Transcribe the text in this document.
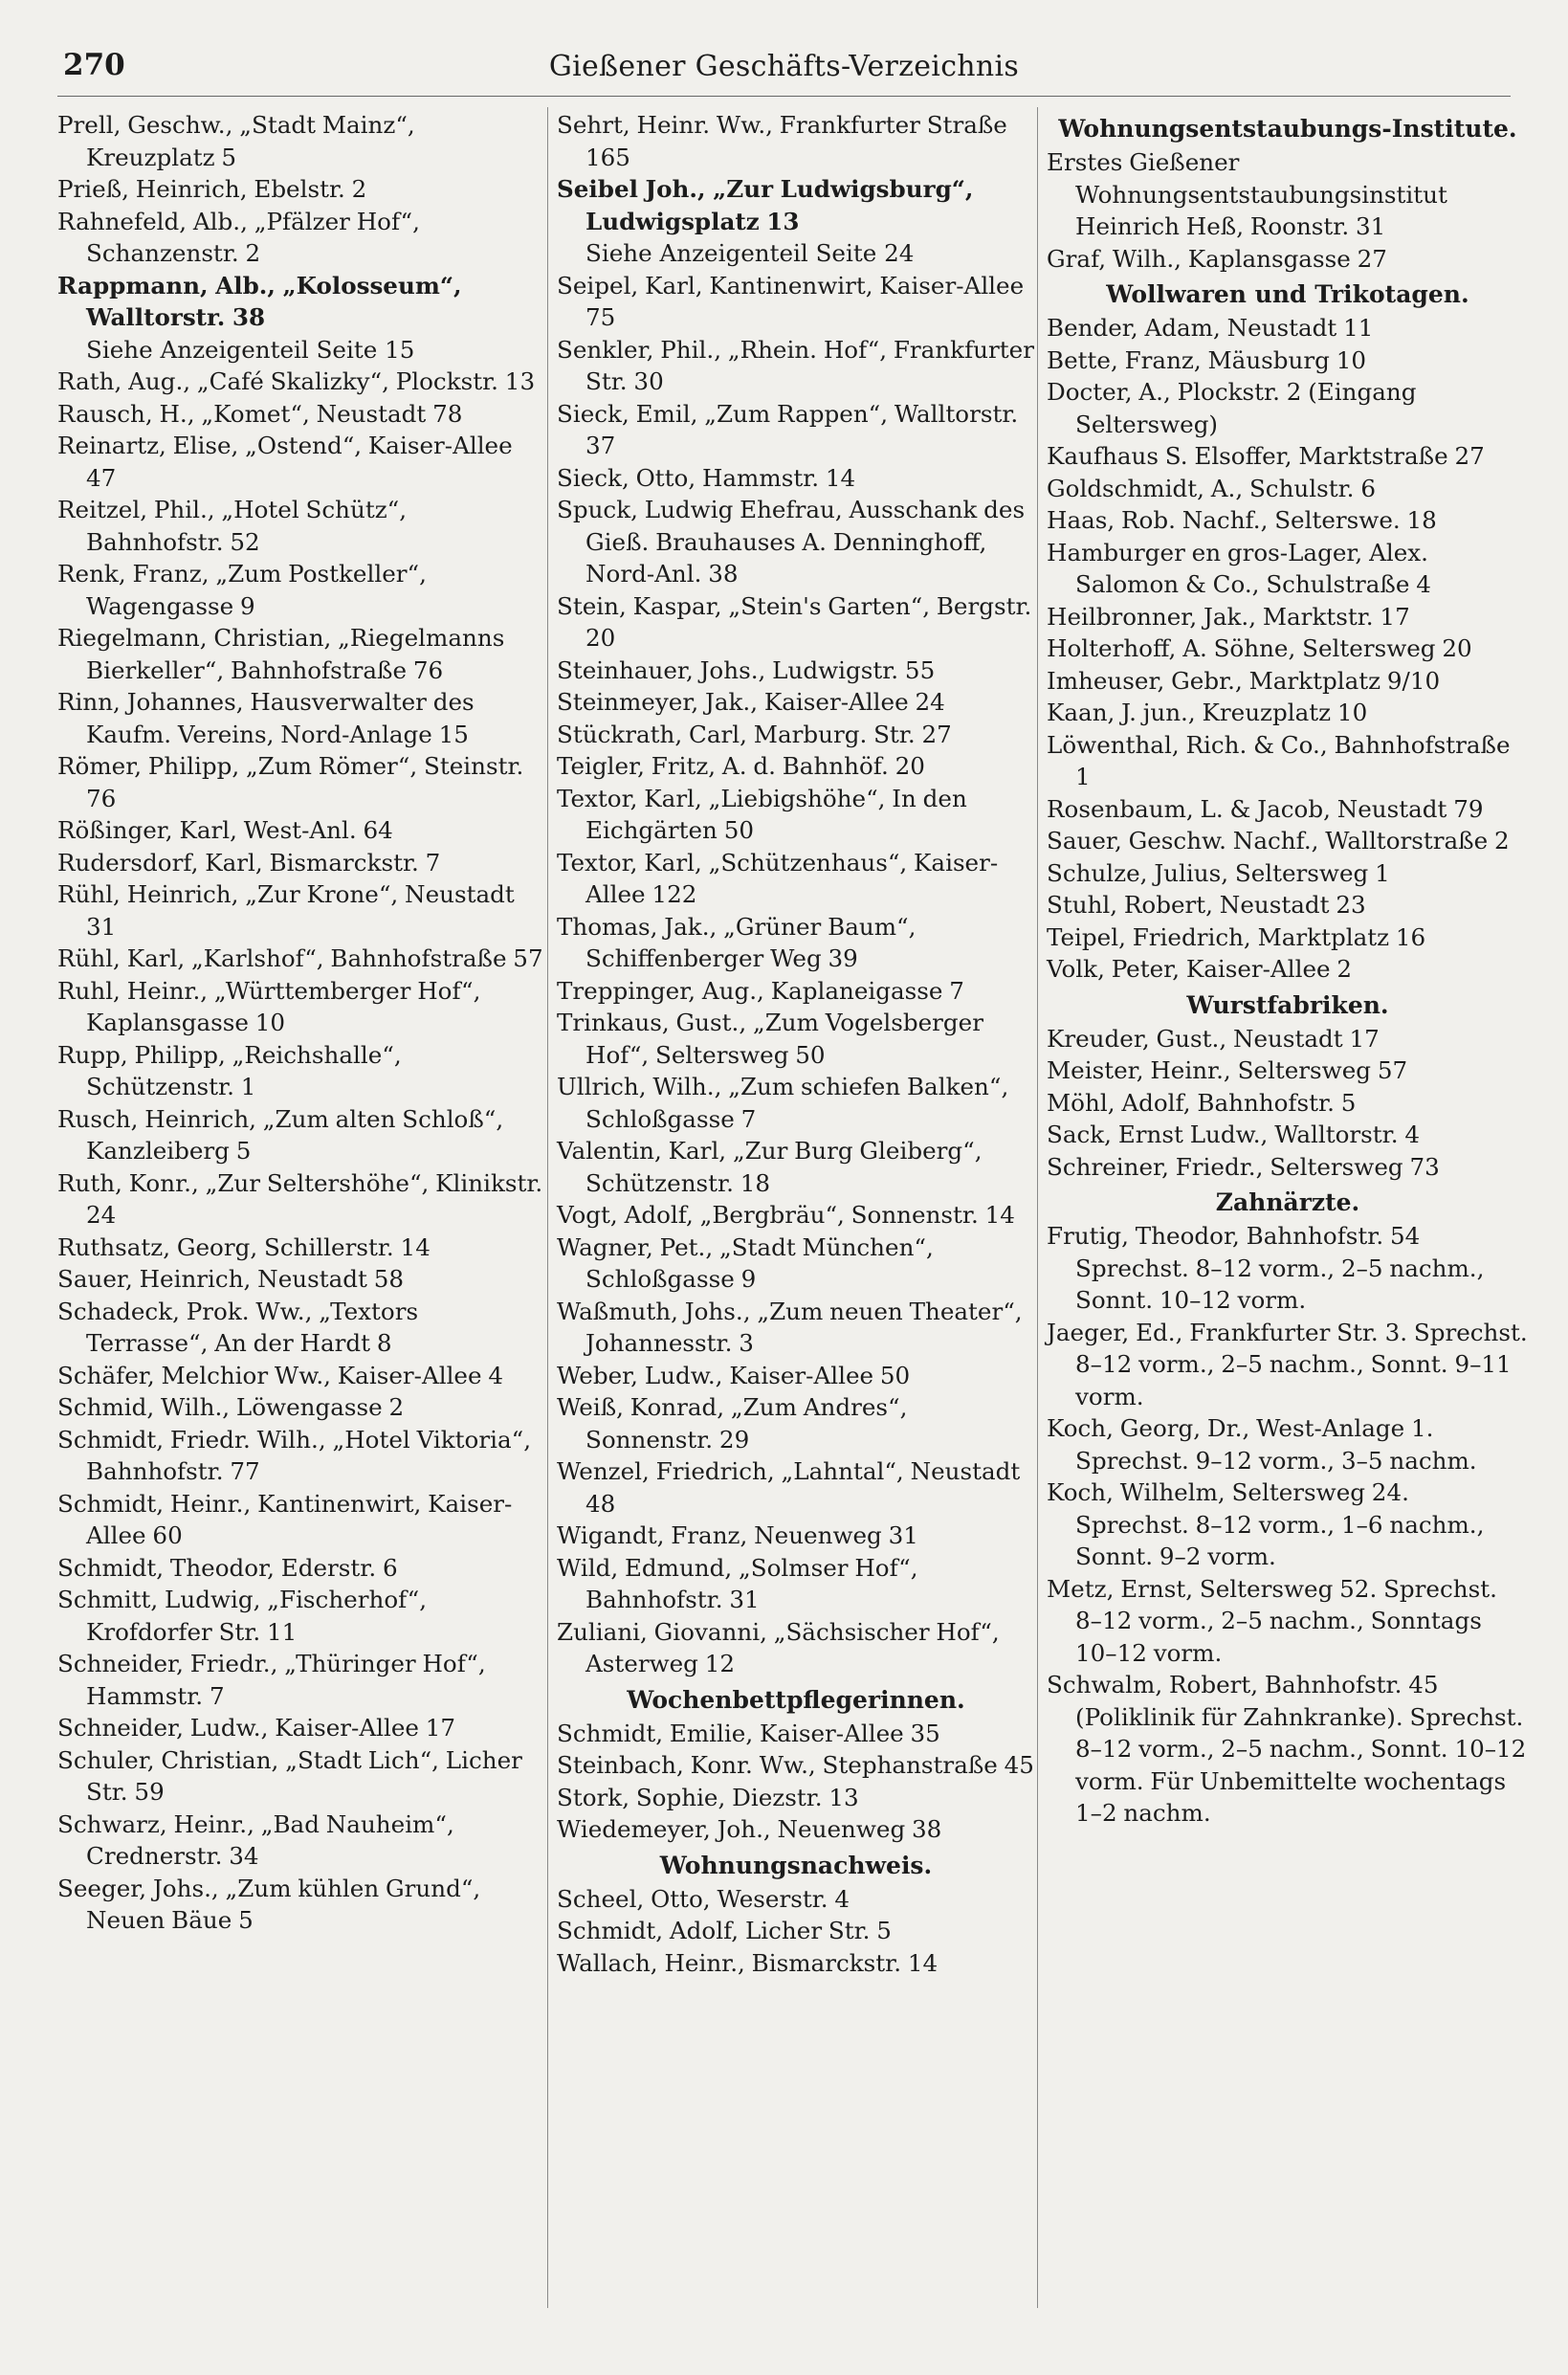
270	Gießener Geschäfts-Verzeichnis
Prell, Geschw., „Stadt Mainz“, Kreuzplatz 5
Prieß, Heinrich, Ebelstr. 2
Rahnefeld, Alb., „Pfälzer Hof“, Schanzenstr. 2
Rappmann, Alb., „Kolosseum“, Walltorstr. 38
Siehe Anzeigenteil Seite 15
Rath, Aug., „Café Skalizky“, Plockstr. 13
Rausch, H., „Komet“, Neustadt 78
Reinartz, Elise, „Ostend“, Kaiser-Allee 47
Reitzel, Phil., „Hotel Schütz“, Bahnhofstr. 52
Renk, Franz, „Zum Postkeller“, Wagengasse 9
Riegelmann, Christian, „Riegelmanns Bierkeller“, Bahnhofstraße 76
Rinn, Johannes, Hausverwalter des Kaufm. Vereins, Nord-Anlage 15
Römer, Philipp, „Zum Römer“, Steinstr. 76
Rößinger, Karl, West-Anl. 64
Rudersdorf, Karl, Bismarckstr. 7
Rühl, Heinrich, „Zur Krone“, Neustadt 31
Rühl, Karl, „Karlshof“, Bahnhofstraße 57
Ruhl, Heinr., „Württemberger Hof“, Kaplansgasse 10
Rupp, Philipp, „Reichshalle“, Schützenstr. 1
Rusch, Heinrich, „Zum alten Schloß“, Kanzleiberg 5
Ruth, Konr., „Zur Seltershöhe“, Klinikstr. 24
Ruthsatz, Georg, Schillerstr. 14
Sauer, Heinrich, Neustadt 58
Schadeck, Prok. Ww., „Textors Terrasse“, An der Hardt 8
Schäfer, Melchior Ww., Kaiser-Allee 4
Schmid, Wilh., Löwengasse 2
Schmidt, Friedr. Wilh., „Hotel Viktoria“, Bahnhofstr. 77
Schmidt, Heinr., Kantinenwirt, Kaiser-Allee 60
Schmidt, Theodor, Ederstr. 6
Schmitt, Ludwig, „Fischerhof“, Krofdorfer Str. 11
Schneider, Friedr., „Thüringer Hof“, Hammstr. 7
Schneider, Ludw., Kaiser-Allee 17
Schuler, Christian, „Stadt Lich“, Licher Str. 59
Schwarz, Heinr., „Bad Nauheim“, Crednerstr. 34
Seeger, Johs., „Zum kühlen Grund“, Neuen Bäue 5
Sehrt, Heinr. Ww., Frankfurter Straße 165
Seibel Joh., „Zur Ludwigsburg“, Ludwigsplatz 13
Siehe Anzeigenteil Seite 24
Seipel, Karl, Kantinenwirt, Kaiser-Allee 75
Senkler, Phil., „Rhein. Hof“, Frankfurter Str. 30
Sieck, Emil, „Zum Rappen“, Walltorstr. 37
Sieck, Otto, Hammstr. 14
Spuck, Ludwig Ehefrau, Ausschank des Gieß. Brauhauses A. Denninghoff, Nord-Anl. 38
Stein, Kaspar, „Stein's Garten“, Bergstr. 20
Steinhauer, Johs., Ludwigstr. 55
Steinmeyer, Jak., Kaiser-Allee 24
Stückrath, Carl, Marburg. Str. 27
Teigler, Fritz, A. d. Bahnhöf. 20
Textor, Karl, „Liebigshöhe“, In den Eichgärten 50
Textor, Karl, „Schützenhaus“, Kaiser-Allee 122
Thomas, Jak., „Grüner Baum“, Schiffenberger Weg 39
Treppinger, Aug., Kaplaneigasse 7
Trinkaus, Gust., „Zum Vogelsberger Hof“, Seltersweg 50
Ullrich, Wilh., „Zum schiefen Balken“, Schloßgasse 7
Valentin, Karl, „Zur Burg Gleiberg“, Schützenstr. 18
Vogt, Adolf, „Bergbräu“, Sonnenstr. 14
Wagner, Pet., „Stadt München“, Schloßgasse 9
Waßmuth, Johs., „Zum neuen Theater“, Johannesstr. 3
Weber, Ludw., Kaiser-Allee 50
Weiß, Konrad, „Zum Andres“, Sonnenstr. 29
Wenzel, Friedrich, „Lahntal“, Neustadt 48
Wigandt, Franz, Neuenweg 31
Wild, Edmund, „Solmser Hof“, Bahnhofstr. 31
Zuliani, Giovanni, „Sächsischer Hof“, Asterweg 12
Wochenbettpflegerinnen.
Schmidt, Emilie, Kaiser-Allee 35
Steinbach, Konr. Ww., Stephanstraße 45
Stork, Sophie, Diezstr. 13
Wiedemeyer, Joh., Neuenweg 38
Wohnungsnachweis.
Scheel, Otto, Weserstr. 4
Schmidt, Adolf, Licher Str. 5
Wallach, Heinr., Bismarckstr. 14
Wohnungsentstaubungs-Institute.
Erstes Gießener Wohnungsentstaubungsinstitut Heinrich Heß, Roonstr. 31
Graf, Wilh., Kaplansgasse 27
Wollwaren und Trikotagen.
Bender, Adam, Neustadt 11
Bette, Franz, Mäusburg 10
Docter, A., Plockstr. 2 (Eingang Seltersweg)
Kaufhaus S. Elsoffer, Marktstraße 27
Goldschmidt, A., Schulstr. 6
Haas, Rob. Nachf., Selterswe. 18
Hamburger en gros-Lager, Alex. Salomon & Co., Schulstraße 4
Heilbronner, Jak., Marktstr. 17
Holterhoff, A. Söhne, Seltersweg 20
Imheuser, Gebr., Marktplatz 9/10
Kaan, J. jun., Kreuzplatz 10
Löwenthal, Rich. & Co., Bahnhofstraße 1
Rosenbaum, L. & Jacob, Neustadt 79
Sauer, Geschw. Nachf., Walltorstraße 2
Schulze, Julius, Seltersweg 1
Stuhl, Robert, Neustadt 23
Teipel, Friedrich, Marktplatz 16
Volk, Peter, Kaiser-Allee 2
Wurstfabriken.
Kreuder, Gust., Neustadt 17
Meister, Heinr., Seltersweg 57
Möhl, Adolf, Bahnhofstr. 5
Sack, Ernst Ludw., Walltorstr. 4
Schreiner, Friedr., Seltersweg 73
Zahnärzte.
Frutig, Theodor, Bahnhofstr. 54 Sprechst. 8–12 vorm., 2–5 nachm., Sonnt. 10–12 vorm.
Jaeger, Ed., Frankfurter Str. 3. Sprechst. 8–12 vorm., 2–5 nachm., Sonnt. 9–11 vorm.
Koch, Georg, Dr., West-Anlage 1. Sprechst. 9–12 vorm., 3–5 nachm.
Koch, Wilhelm, Seltersweg 24. Sprechst. 8–12 vorm., 1–6 nachm., Sonnt. 9–2 vorm.
Metz, Ernst, Seltersweg 52. Sprechst. 8–12 vorm., 2–5 nachm., Sonntags 10–12 vorm.
Schwalm, Robert, Bahnhofstr. 45 (Poliklinik für Zahnkranke). Sprechst. 8–12 vorm., 2–5 nachm., Sonnt. 10–12 vorm. Für Unbemittelte wochentags 1–2 nachm.
